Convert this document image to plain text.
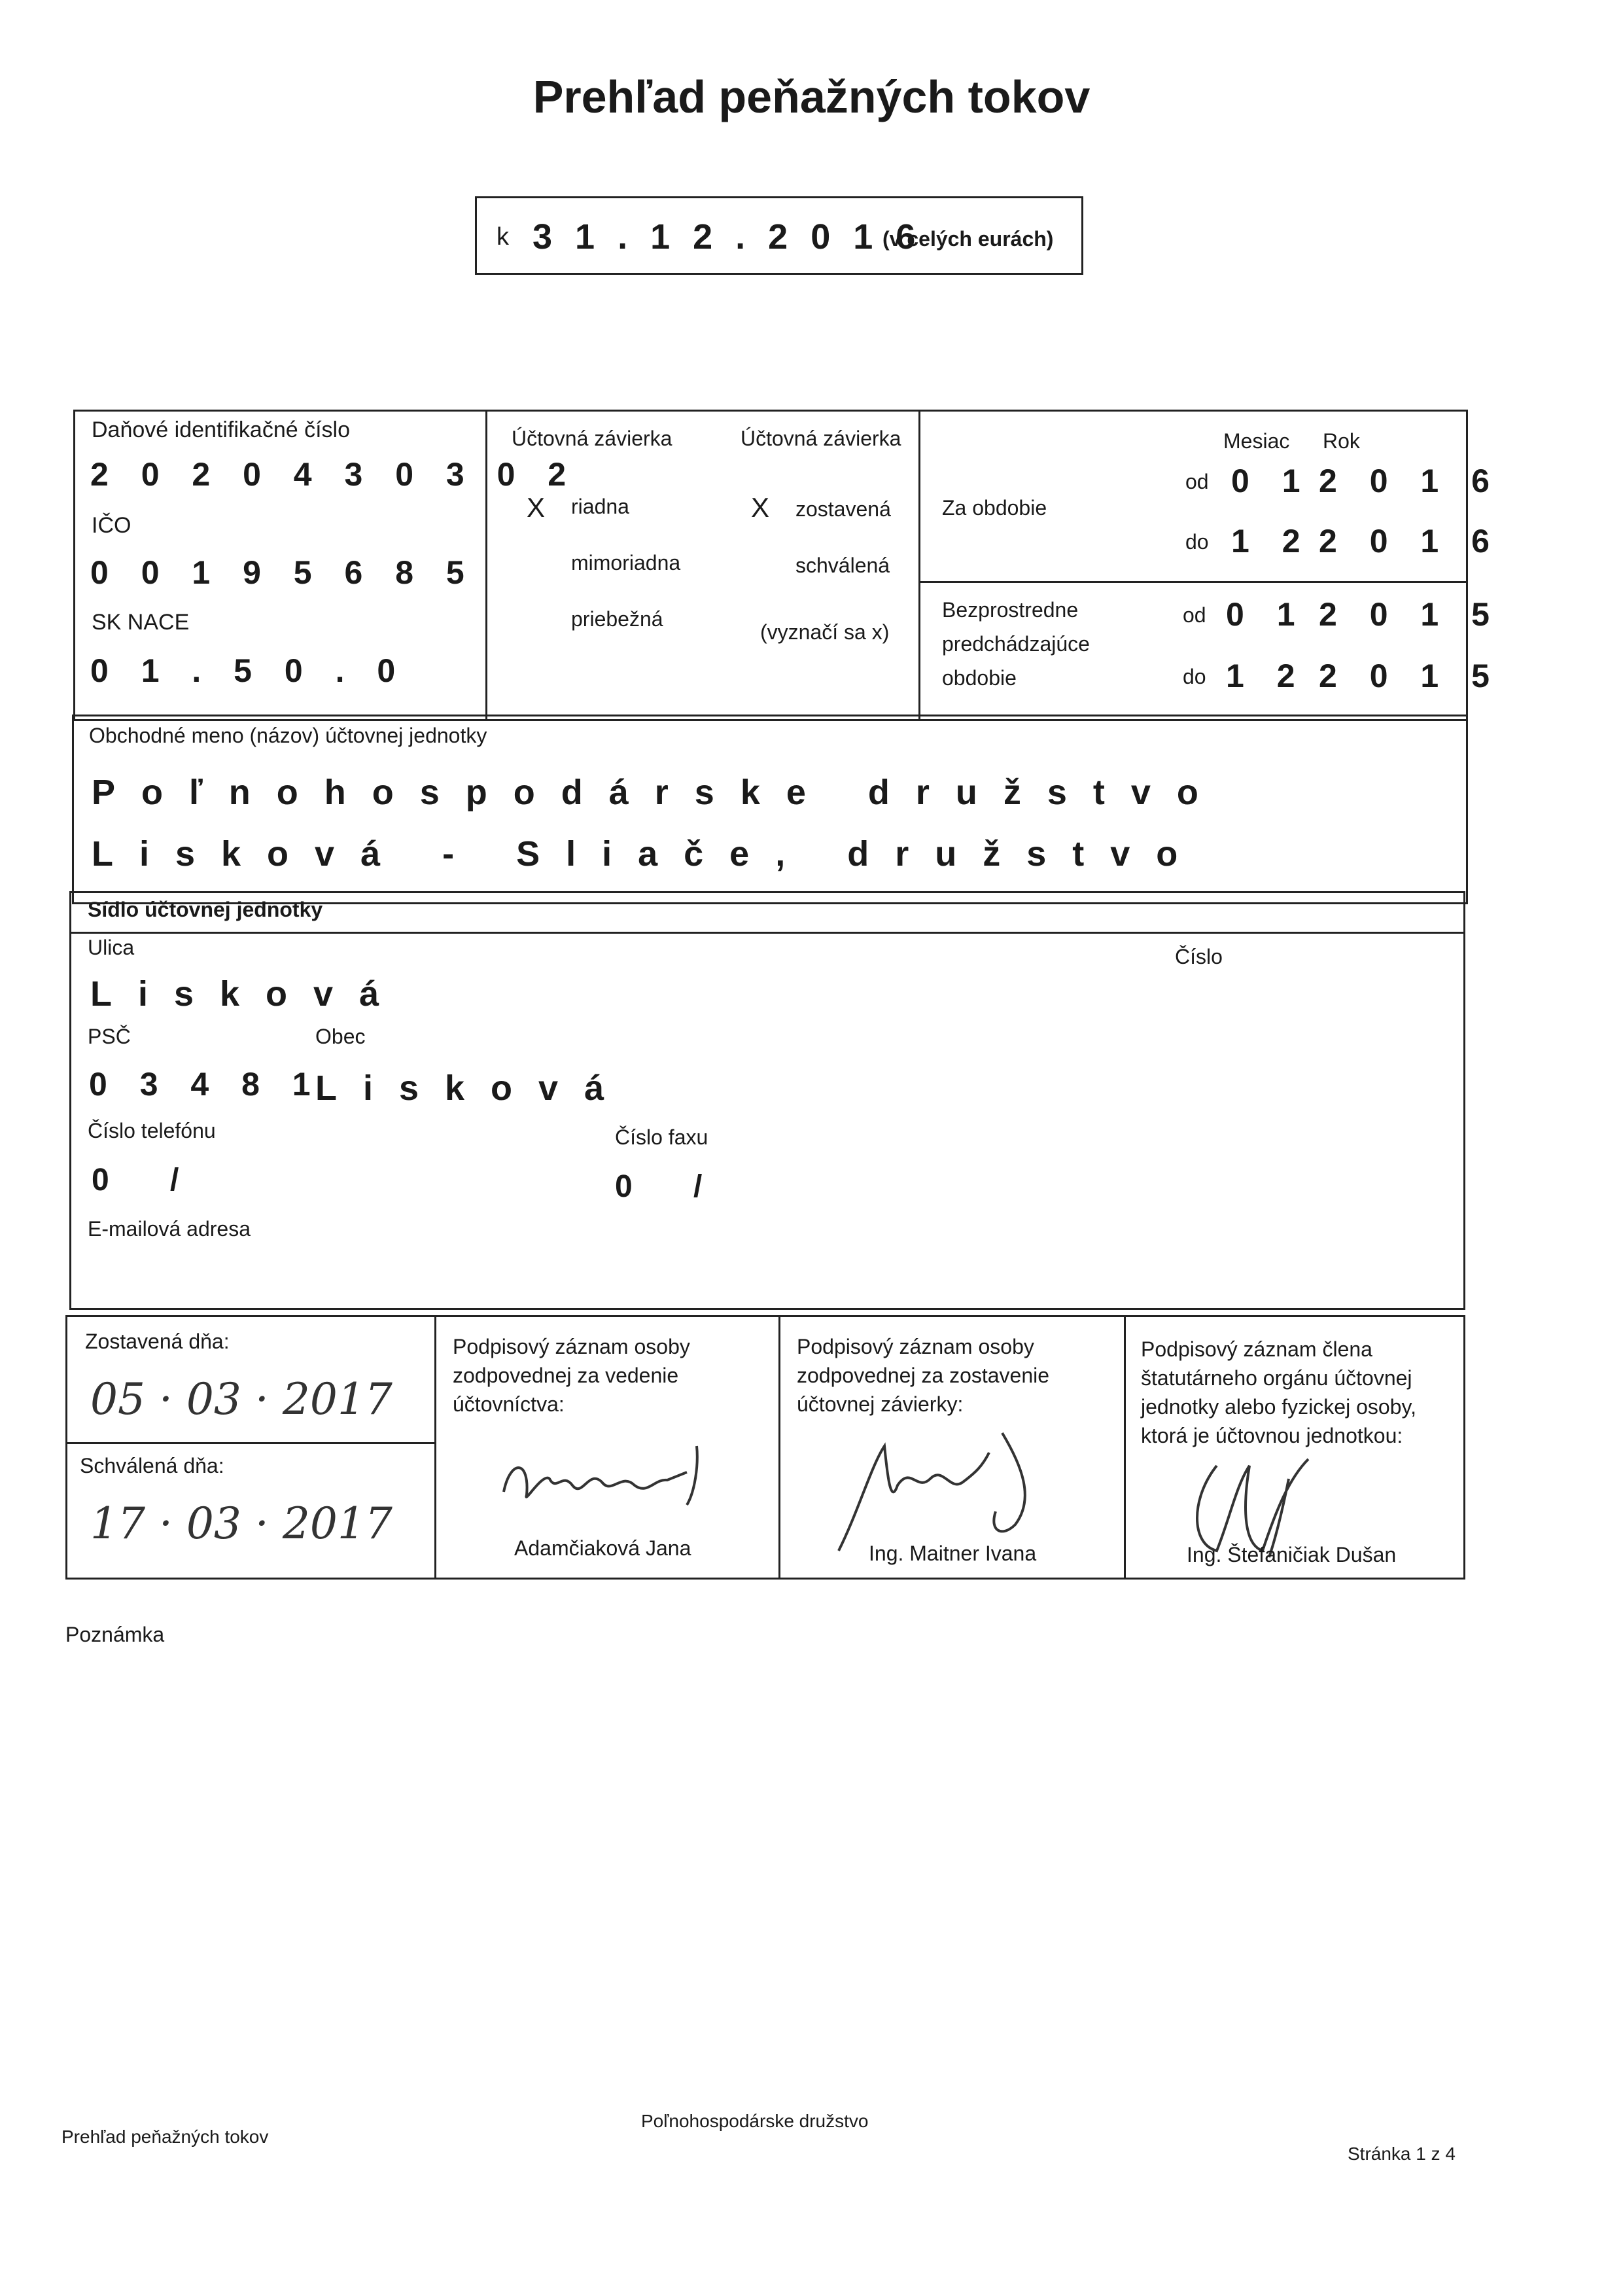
Prehľad peňažných tokov
k 3 1 . 1 2 . 2 0 1 6
(v celých eurách)
Daňové identifikačné číslo
2 0 2 0 4 3 0 3 0 2
IČO
0 0 1 9 5 6 8 5
SK NACE
0 1 . 5 0 . 0
Účtovná závierka
X riadna
mimoriadna
priebežná
Účtovná závierka
X zostavená
schválená
(vyznačí sa x)
Mesiac Rok
Za obdobie
Bezprostredne predchádzajúce obdobie
od 0 1 2 0 1 6
do 1 2 2 0 1 6
od 0 1 2 0 1 5
do 1 2 2 0 1 5
Obchodné meno (názov) účtovnej jednotky
Poľnohospodárske družstvo
Lisková - Sliače, družstvo
Sídlo účtovnej jednotky
Ulica
Lisková
Číslo
PSČ	Obec
0 3 4 8 1
Lisková
Číslo telefónu	Číslo faxu
0       /	0       /
E-mailová adresa
Zostavená dňa:
05 · 03 · 2017
Schválená dňa:
17 · 03 · 2017
Podpisový záznam osoby zodpovednej za vedenie účtovníctva:
Adamčiaková Jana
Podpisový záznam osoby zodpovednej za zostavenie účtovnej závierky:
Ing. Maitner Ivana
Podpisový záznam člena štatutárneho orgánu účtovnej jednotky alebo fyzickej osoby, ktorá je účtovnou jednotkou:
Ing. Štefaničiak Dušan
Poznámka
Prehľad peňažných tokov
Poľnohospodárske družstvo
Stránka 1 z 4
